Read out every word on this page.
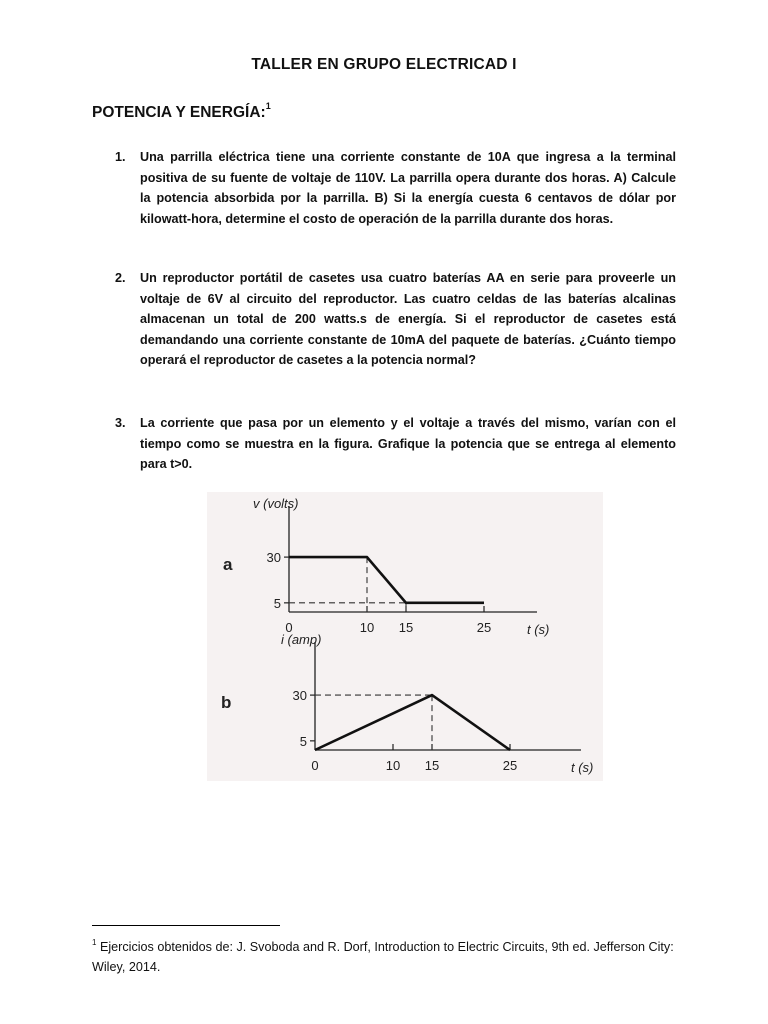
TALLER EN GRUPO ELECTRICAD I
POTENCIA Y ENERGÍA:$^1$
1. Una parrilla eléctrica tiene una corriente constante de 10A que ingresa a la terminal positiva de su fuente de voltaje de 110V. La parrilla opera durante dos horas. A) Calcule la potencia absorbida por la parrilla. B) Si la energía cuesta 6 centavos de dólar por kilowatt-hora, determine el costo de operación de la parrilla durante dos horas.
2. Un reproductor portátil de casetes usa cuatro baterías AA en serie para proveerle un voltaje de 6V al circuito del reproductor. Las cuatro celdas de las baterías alcalinas almacenan un total de 200 watts.s de energía. Si el reproductor de casetes está demandando una corriente constante de 10mA del paquete de baterías. ¿Cuánto tiempo operará el reproductor de casetes a la potencia normal?
3. La corriente que pasa por un elemento y el voltaje a través del mismo, varían con el tiempo como se muestra en la figura. Grafique la potencia que se entrega al elemento para t>0.
5
30
0	10 15	25
v (volts)
t (s)
a
5
30
0	10 15	25
i (amp)
t (s)
b
$^1$ Ejercicios obtenidos de: J. Svoboda and R. Dorf, Introduction to Electric Circuits, 9th ed. Jefferson City: Wiley, 2014.
